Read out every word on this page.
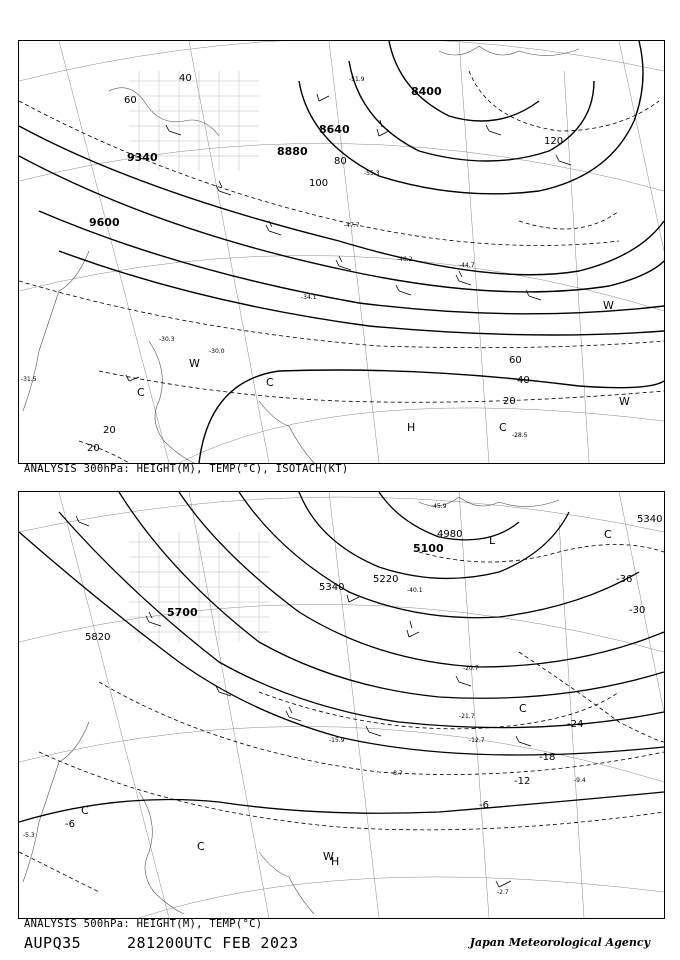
9340
9600
8640
8880
8400
40
60
80
100
120
60
40
20
20
20
-30.3
-30.0
-31.5
-28.5
-51.9
-55.3
-47.7
-40.2
-44.7
-34.1
H	C
C
C
W
W
W
ANALYSIS 300hPa: HEIGHT(M), TEMP(°C), ISOTACH(KT)
5820
5700
5340
5220
5100
4980
5340
-6
-12
-18
-24
-30
-36
-6
-12.7
-21.7
-20.7
-8.7
-2.7
-40.1
-45.9
-5.3
-9.4
-15.9
H
W
L
C
C
C
C
ANALYSIS 500hPa: HEIGHT(M), TEMP(°C)
AUPQ35	281200UTC FEB 2023	Japan Meteorological Agency
